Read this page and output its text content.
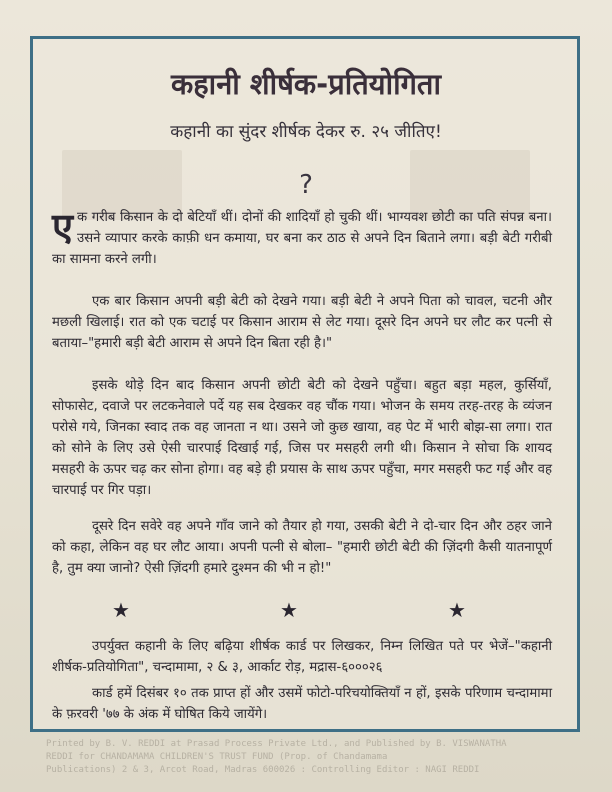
कहानी शीर्षक-प्रतियोगिता
कहानी का सुंदर शीर्षक देकर रु. २५ जीतिए!
?

एक गरीब किसान के दो बेटियाँ थीं। दोनों की शादियाँ हो चुकी थीं। भाग्यवश छोटी का पति संपन्न बना। उसने व्यापार करके काफ़ी धन कमाया, घर बना कर ठाठ से अपने दिन बिताने लगा। बड़ी बेटी गरीबी का सामना करने लगी।

एक बार किसान अपनी बड़ी बेटी को देखने गया। बड़ी बेटी ने अपने पिता को चावल, चटनी और मछली खिलाई। रात को एक चटाई पर किसान आराम से लेट गया। दूसरे दिन अपने घर लौट कर पत्नी से बताया–"हमारी बड़ी बेटी आराम से अपने दिन बिता रही है।"

इसके थोड़े दिन बाद किसान अपनी छोटी बेटी को देखने पहुँचा। बहुत बड़ा महल, कुर्सियाँ, सोफासेट, दवाजे पर लटकनेवाले पर्दे यह सब देखकर वह चौंक गया। भोजन के समय तरह-तरह के व्यंजन परोसे गये, जिनका स्वाद तक वह जानता न था। उसने जो कुछ खाया, वह पेट में भारी बोझ-सा लगा। रात को सोने के लिए उसे ऐसी चारपाई दिखाई गई, जिस पर मसहरी लगी थी। किसान ने सोचा कि शायद मसहरी के ऊपर चढ़ कर सोना होगा। वह बड़े ही प्रयास के साथ ऊपर पहुँचा, मगर मसहरी फट गई और वह चारपाई पर गिर पड़ा।

दूसरे दिन सवेरे वह अपने गाँव जाने को तैयार हो गया, उसकी बेटी ने दो-चार दिन और ठहर जाने को कहा, लेकिन वह घर लौट आया। अपनी पत्नी से बोला– "हमारी छोटी बेटी की ज़िंदगी कैसी यातनापूर्ण है, तुम क्या जानो? ऐसी ज़िंदगी हमारे दुश्मन की भी न हो!"

★	★	★

उपर्युक्त कहानी के लिए बढ़िया शीर्षक कार्ड पर लिखकर, निम्न लिखित पते पर भेजें–"कहानी शीर्षक-प्रतियोगिता", चन्दामामा, २ & ३, आर्काट रोड़, मद्रास-६०००२६

कार्ड हमें दिसंबर १० तक प्राप्त हों और उसमें फोटो-परिचयोक्तियाँ न हों, इसके परिणाम चन्दामामा के फ़रवरी '७७ के अंक में घोषित किये जायेंगे।

Printed by B. V. REDDI at Prasad Process Private Ltd., and Published by B. VISWANATHA
REDDI for CHANDAMAMA CHILDREN'S TRUST FUND (Prop. of Chandamama
Publications) 2 & 3, Arcot Road, Madras 600026 : Controlling Editor : NAGI REDDI
